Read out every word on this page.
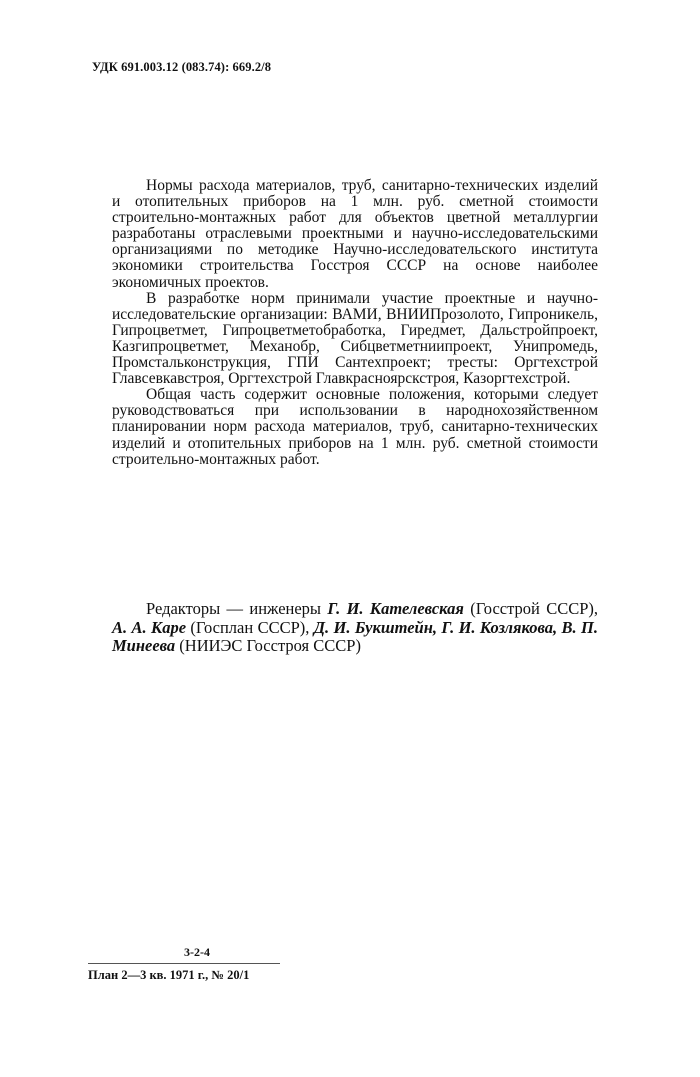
УДК 691.003.12 (083.74): 669.2/8

Нормы расхода материалов, труб, санитарно-технических изделий и отопительных приборов на 1 млн. руб. сметной стоимости строительно-монтажных работ для объектов цветной металлургии разработаны отраслевыми проектными и научно-исследовательскими организациями по методике Научно-исследовательского института экономики строительства Госстроя СССР на основе наиболее экономичных проектов.

В разработке норм принимали участие проектные и научно-исследовательские организации: ВАМИ, ВНИИПрозолото, Гипроникель, Гипроцветмет, Гипроцветметобработка, Гиредмет, Дальстройпроект, Казгипроцветмет, Механобр, Сибцветметниипроект, Унипромедь, Промстальконструкция, ГПИ Сантехпроект; тресты: Оргтехстрой Главсевкавстроя, Оргтехстрой Главкрасноярскстроя, Казоргтехстрой.

Общая часть содержит основные положения, которыми следует руководствоваться при использовании в народнохозяйственном планировании норм расхода материалов, труб, санитарно-технических изделий и отопительных приборов на 1 млн. руб. сметной стоимости строительно-монтажных работ.

Редакторы — инженеры Г. И. Кателевская (Госстрой СССР), А. А. Каре (Госплан СССР), Д. И. Букштейн, Г. И. Козлякова, В. П. Минеева (НИИЭС Госстроя СССР)

3-2-4
План 2—3 кв. 1971 г., № 20/1
